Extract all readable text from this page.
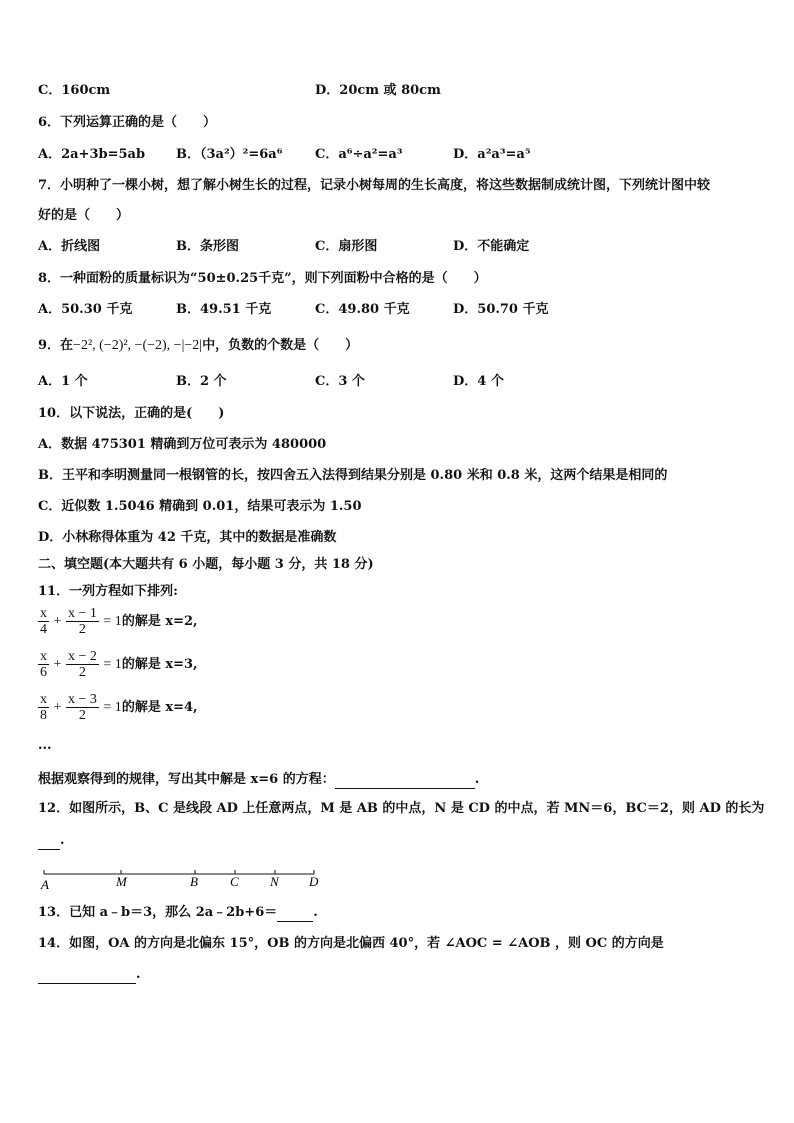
C．160cm	D．20cm 或 80cm
6．下列运算正确的是（　　）
A．2a+3b=5ab B．（3a²）²=6a⁶	C．a⁶÷a²=a³	D．a²a³=a⁵
7．小明种了一棵小树，想了解小树生长的过程，记录小树每周的生长高度，将这些数据制成统计图，下列统计图中较
好的是（　　）
A．折线图	B．条形图	C．扇形图	D．不能确定
8．一种面粉的质量标识为“50±0.25千克”，则下列面粉中合格的是（　　）
A．50.30 千克	B．49.51 千克	C．49.80 千克	D．50.70 千克
9．在−2², (−2)², −(−2), −|−2|中，负数的个数是（　　）
A．1 个	B．2 个	C．3 个	D．4 个
10．以下说法，正确的是(　　)
A．数据 475301 精确到万位可表示为 480000
B．王平和李明测量同一根钢管的长，按四舍五入法得到结果分别是 0.80 米和 0.8 米，这两个结果是相同的
C．近似数 1.5046 精确到 0.01，结果可表示为 1.50
D．小林称得体重为 42 千克，其中的数据是准确数
二、填空题(本大题共有 6 小题，每小题 3 分，共 18 分)
11．一列方程如下排列:
$\frac{x}{4} + \frac{x - 1}{2} = 1$的解是 x=2,
$\frac{x}{6} + \frac{x - 2}{2} = 1$的解是 x=3,
$\frac{x}{8} + \frac{x - 3}{2} = 1$的解是 x=4,
...
根据观察得到的规律，写出其中解是 x=6 的方程：	.
12．如图所示，B、C 是线段 AD 上任意两点，M 是 AB 的中点，N 是 CD 的中点，若 MN＝6，BC＝2，则 AD 的长为
.
A	M	B C N D
13．已知 a﹣b＝3，那么 2a﹣2b+6＝	.
14．如图，OA 的方向是北偏东 15°，OB 的方向是北偏西 40°，若 ∠AOC = ∠AOB ，则 OC 的方向是
.
